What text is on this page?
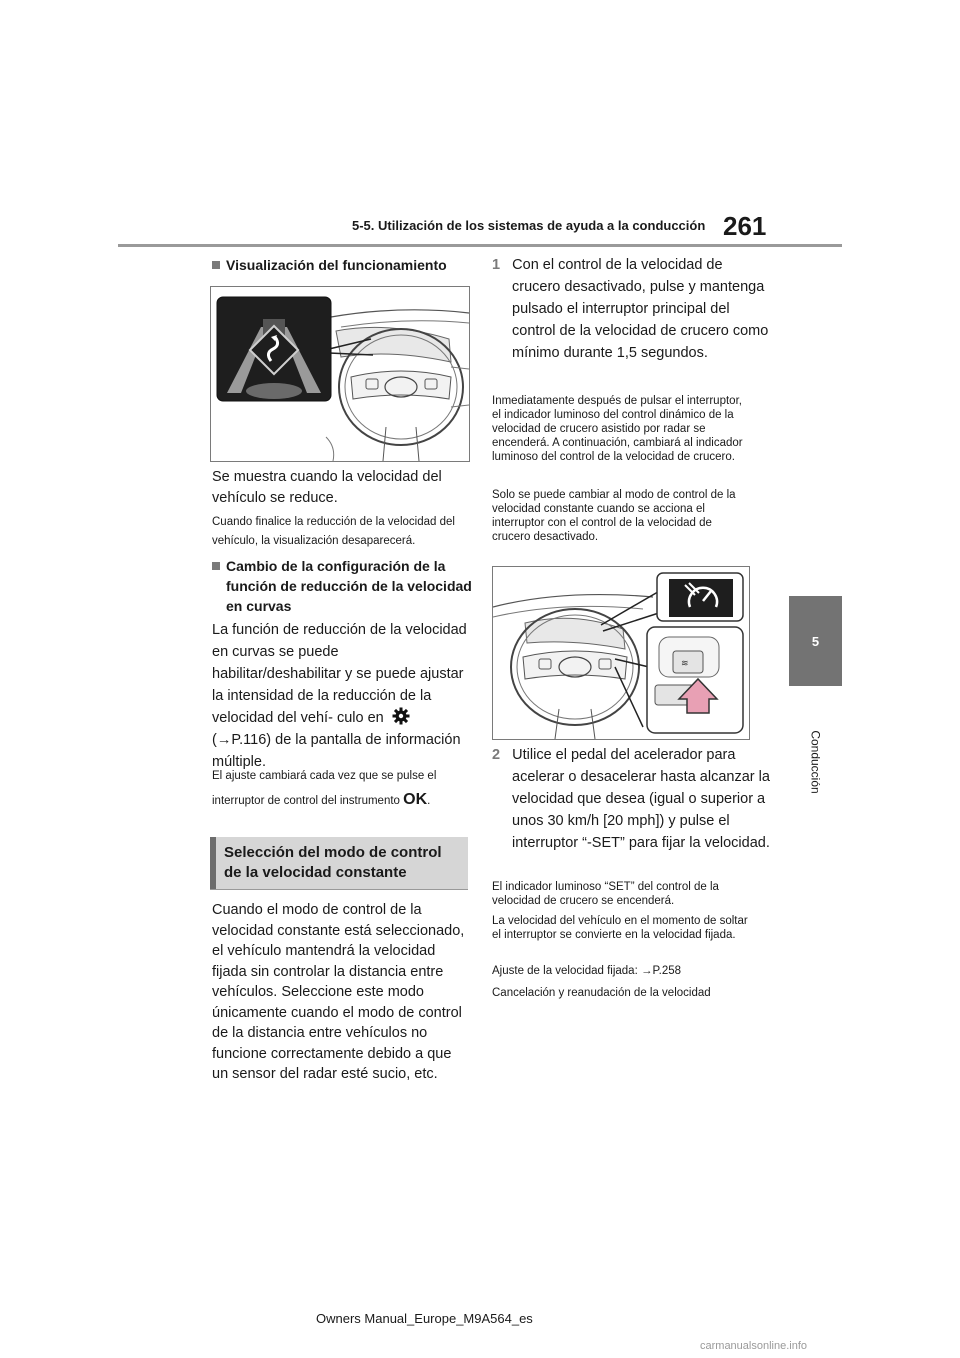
5-5. Utilización de los sistemas de ayuda a la conducción 261
5
Conducción
Visualización del funcionamiento
Se muestra cuando la velocidad del vehículo se reduce.
Cuando finalice la reducción de la velocidad del vehículo, la visualización desaparecerá.
Cambio de la configuración de la función de reducción de la velocidad en curvas
La función de reducción de la velocidad en curvas se puede habilitar/deshabilitar y se puede ajustar la intensidad de la reducción de la velocidad del vehí- culo en  (→P.116) de la pantalla de información múltiple.
El ajuste cambiará cada vez que se pulse el interruptor de control del instrumento OK.
Selección del modo de control de la velocidad constante
Cuando el modo de control de la velocidad constante está seleccionado, el vehículo mantendrá la velocidad fijada sin controlar la distancia entre vehículos. Seleccione este modo únicamente cuando el modo de control de la distancia entre vehículos no funcione correctamente debido a que un sensor del radar esté sucio, etc.
1 Con el control de la velocidad de crucero desactivado, pulse y mantenga pulsado el interruptor principal del control de la velocidad de crucero como mínimo durante 1,5 segundos.
Inmediatamente después de pulsar el interruptor, el indicador luminoso del control dinámico de la velocidad de crucero asistido por radar se encenderá. A continuación, cambiará al indicador luminoso del control de la velocidad de crucero.
Solo se puede cambiar al modo de control de la velocidad constante cuando se acciona el interruptor con el control de la velocidad de crucero desactivado.
≋
2 Utilice el pedal del acelerador para acelerar o desacelerar hasta alcanzar la velocidad que desea (igual o superior a unos 30 km/h [20 mph]) y pulse el interruptor “-SET” para fijar la velocidad.
El indicador luminoso “SET” del control de la velocidad de crucero se encenderá.
La velocidad del vehículo en el momento de soltar el interruptor se convierte en la velocidad fijada.
Ajuste de la velocidad fijada: →P.258
Cancelación y reanudación de la velocidad
Owners Manual_Europe_M9A564_es
carmanualsonline.info
